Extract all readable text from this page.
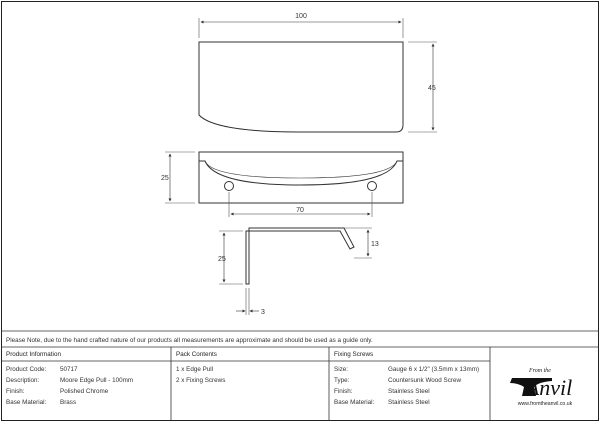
100
45
25
70
25
13
3
From the
Anvil
www.fromtheanvil.co.uk
Please Note, due to the hand crafted nature of our products all measurements are approximate and should be used as a guide only.
Product Information
Product Code: 50717
Description:	Moore Edge Pull - 100mm
Finish:	Polished Chrome
Base Material: Brass
Pack Contents
1 x Edge Pull
2 x Fixing Screws
Fixing Screws
Size:	Gauge 6 x 1/2" (3.5mm x 13mm)
Type:	Countersunk Wood Screw
Finish:	Stainless Steel
Base Material: Stainless Steel
